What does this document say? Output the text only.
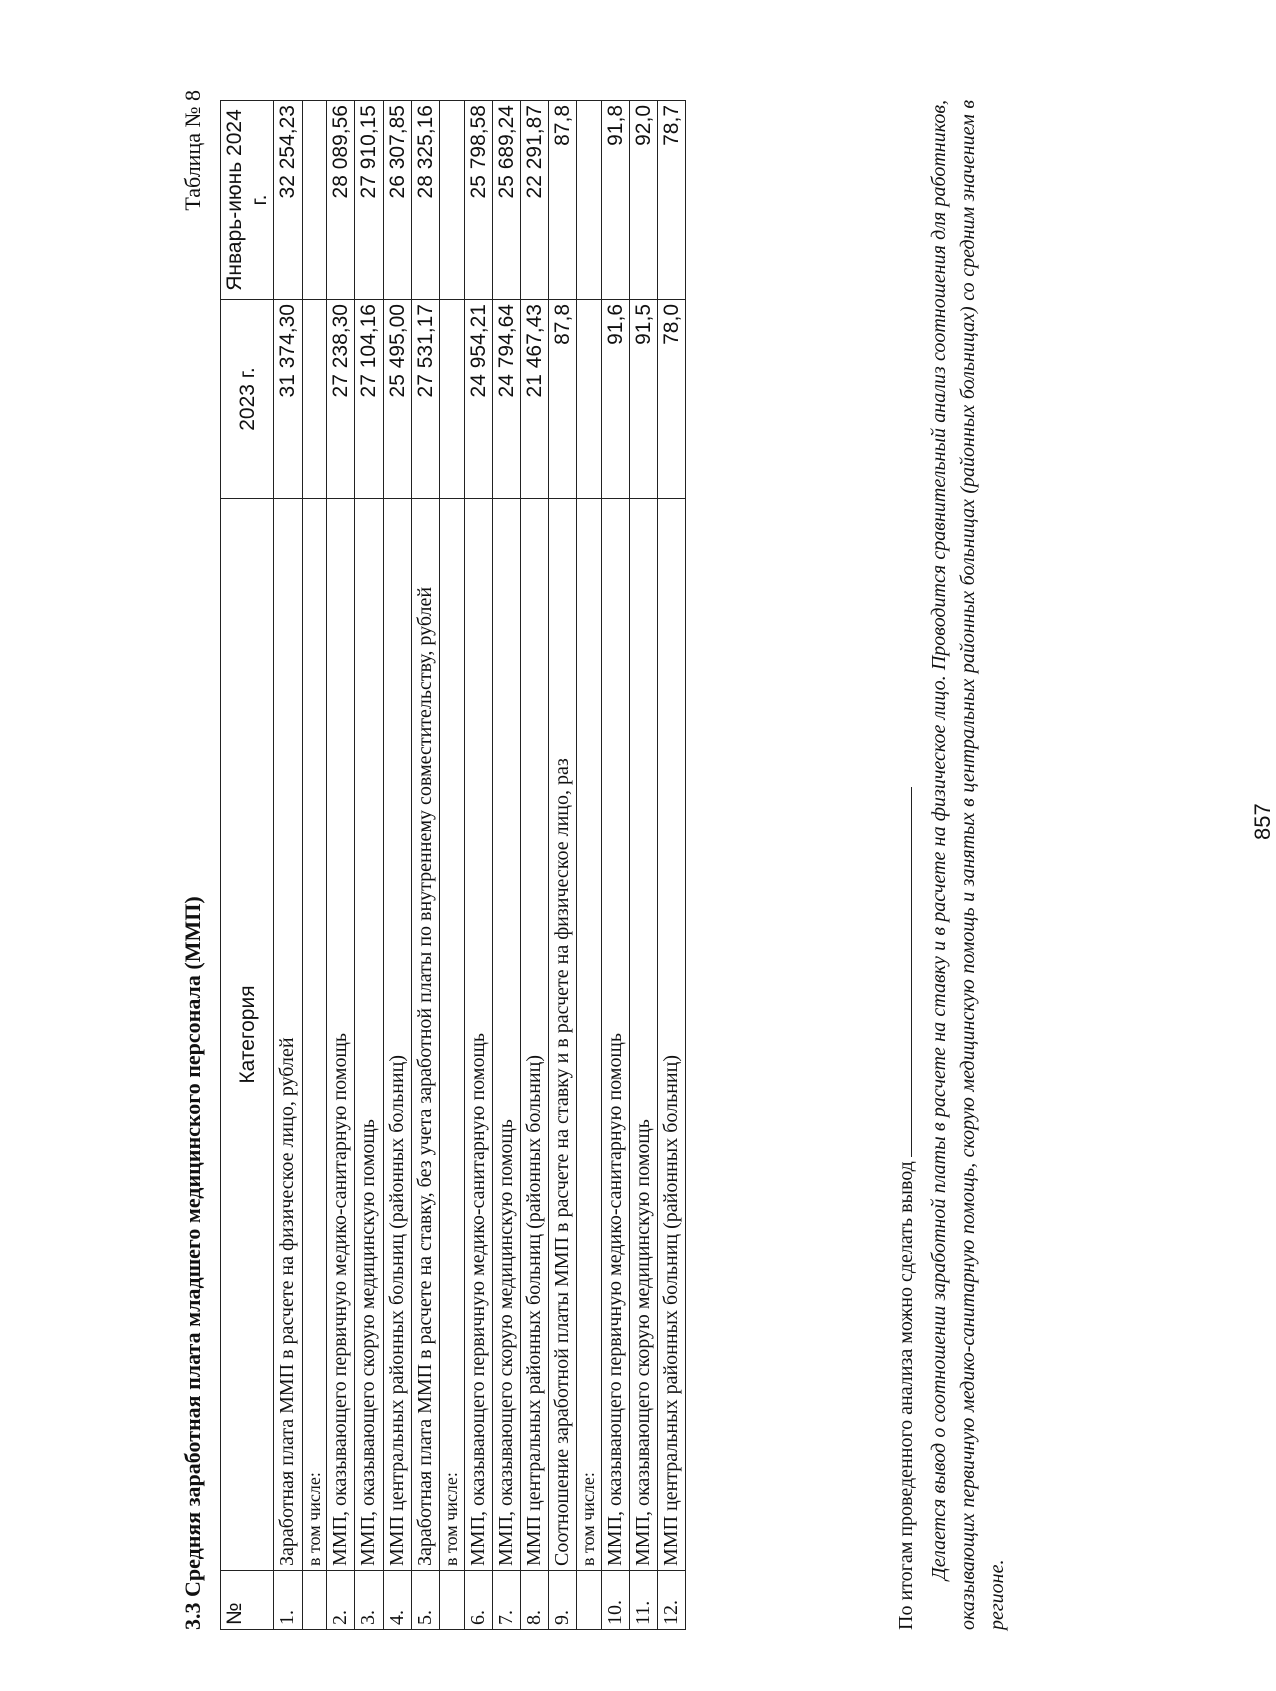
3.3 Средняя заработная плата младшего медицинского персонала (ММП)
Таблица № 8
№	Категория	2023 г.	Январь-июнь 2024 г.
1.	Заработная плата ММП в расчете на физическое лицо, рублей	31 374,30	32 254,23
	в том числе:		
2.	ММП, оказывающего первичную медико-санитарную помощь	27 238,30	28 089,56
3.	ММП, оказывающего скорую медицинскую помощь	27 104,16	27 910,15
4.	ММП центральных районных больниц (районных больниц)	25 495,00	26 307,85
5.	Заработная плата ММП в расчете на ставку, без учета заработной платы по внутреннему совместительству, рублей	27 531,17	28 325,16
	в том числе:		
6.	ММП, оказывающего первичную медико-санитарную помощь	24 954,21	25 798,58
7.	ММП, оказывающего скорую медицинскую помощь	24 794,64	25 689,24
8.	ММП центральных районных больниц (районных больниц)	21 467,43	22 291,87
9.	Соотношение заработной платы ММП в расчете на ставку и в расчете на физическое лицо, раз	87,8	87,8
	в том числе:		
10.	ММП, оказывающего первичную медико-санитарную помощь	91,6	91,8
11.	ММП, оказывающего скорую медицинскую помощь	91,5	92,0
12.	ММП центральных районных больниц (районных больниц)	78,0	78,7
По итогам проведенного анализа можно сделать вывод Делается вывод о соотношении заработной платы в расчете на ставку и в расчете на физическое лицо. Проводится сравнительный анализ соотношения для работников, оказывающих первичную медико-санитарную помощь, скорую медицинскую помощь и занятых в центральных районных больницах (районных больницах) со средним значением в регионе.
857
